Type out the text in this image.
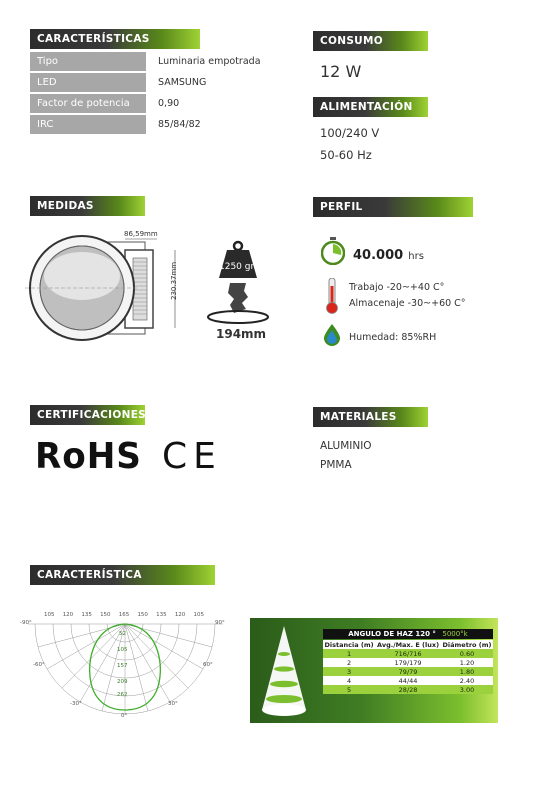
CARACTERÍSTICAS
Tipo	Luminaria empotrada
LED	SAMSUNG
Factor de potencia	0,90
IRC	85/84/82
CONSUMO
12 W
ALIMENTACIÓN
100/240 V
50-60 Hz
MEDIDAS
86,59mm
230.37mm	1250 gr
194mm
PERFIL MEDIOAMBIENTAL
40.000 hrs
Trabajo -20~+40 C°
Almacenaje -30~+60 C°
Humedad: 85%RH
CERTIFICACIONES
RoHS CE
MATERIALES
ALUMINIO
PMMA
CARACTERÍSTICA FOTOMÉTRICA
105 120 135 150 165 150 135 120 105
-90°
-60°
-30°
0°
30°
60°
90°
52
105
157
209
262
ANGULO DE HAZ 120 ° 5000°k
Distancia (m)	Avg./Max. E (lux)	Diámetro (m)
1	716/716	0.60
2	179/179	1.20
3	79/79	1.80
4	44/44	2.40
5	28/28	3.00
